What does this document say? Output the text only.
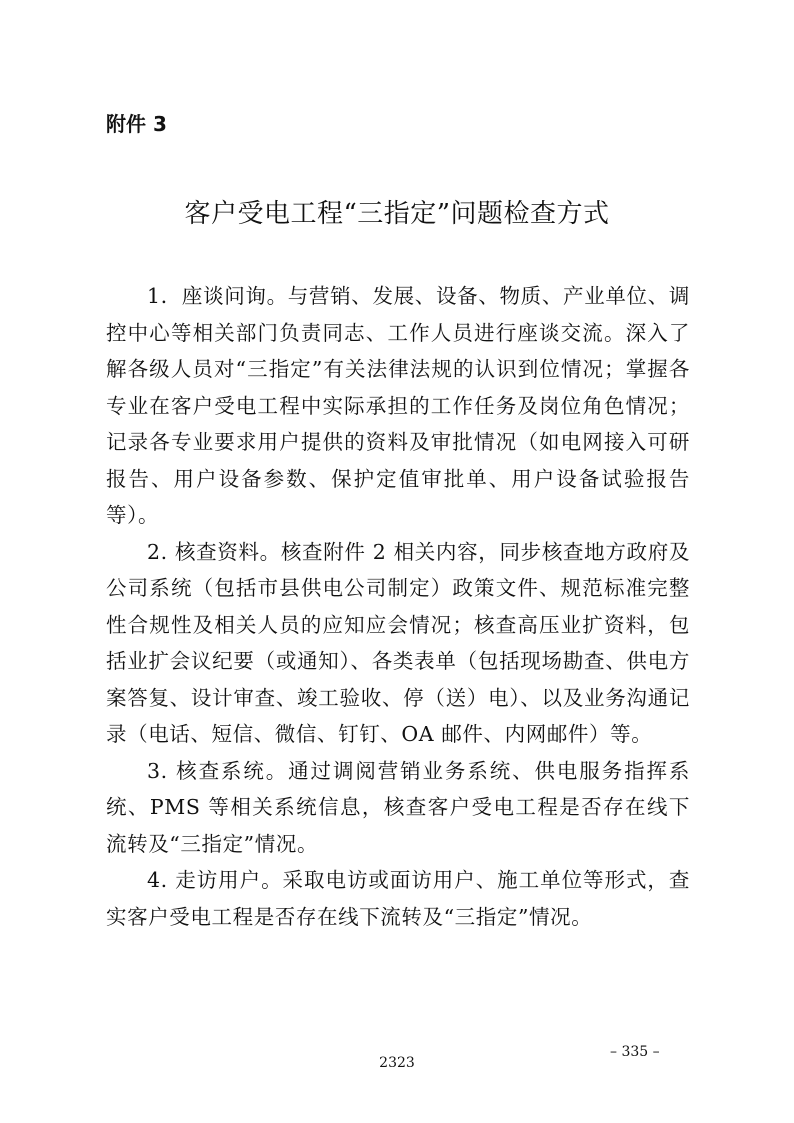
附件 3

客户受电工程“三指定”问题检查方式

1．座谈问询。与营销、发展、设备、物质、产业单位、调控中心等相关部门负责同志、工作人员进行座谈交流。深入了解各级人员对“三指定”有关法律法规的认识到位情况；掌握各专业在客户受电工程中实际承担的工作任务及岗位角色情况；记录各专业要求用户提供的资料及审批情况（如电网接入可研报告、用户设备参数、保护定值审批单、用户设备试验报告等）。

2. 核查资料。核查附件 2 相关内容，同步核查地方政府及公司系统（包括市县供电公司制定）政策文件、规范标准完整性合规性及相关人员的应知应会情况；核查高压业扩资料，包括业扩会议纪要（或通知）、各类表单（包括现场勘查、供电方案答复、设计审查、竣工验收、停（送）电）、以及业务沟通记录（电话、短信、微信、钉钉、OA 邮件、内网邮件）等。

3. 核查系统。通过调阅营销业务系统、供电服务指挥系统、PMS 等相关系统信息，核查客户受电工程是否存在线下流转及“三指定”情况。

4. 走访用户。采取电访或面访用户、施工单位等形式，查实客户受电工程是否存在线下流转及“三指定”情况。

– 335 –

2323
